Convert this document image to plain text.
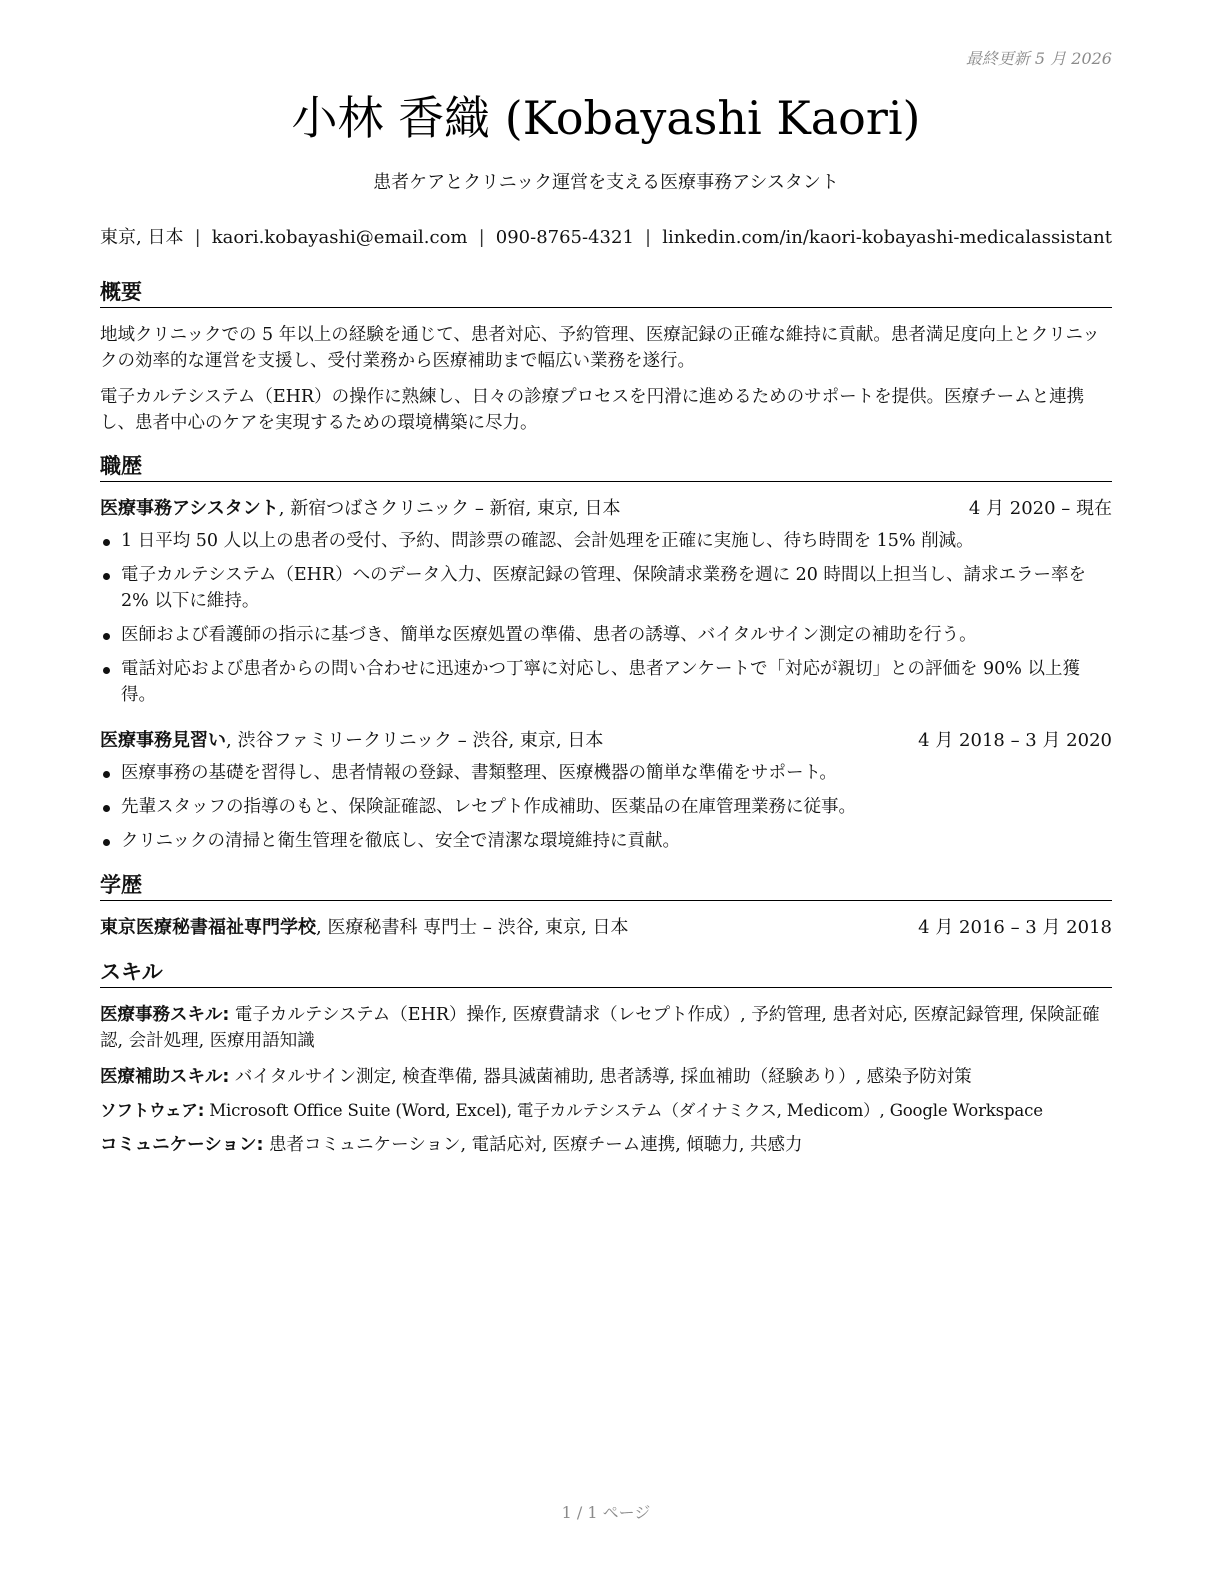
最終更新 5 月 2026
小林 香織 (Kobayashi Kaori)
患者ケアとクリニック運営を支える医療事務アシスタント
東京, 日本 | kaori.kobayashi@email.com | 090-8765-4321 | linkedin.com/in/kaori-kobayashi-medicalassistant
概要
地域クリニックでの 5 年以上の経験を通じて、患者対応、予約管理、医療記録の正確な維持に貢献。患者満足度向上とクリニックの効率的な運営を支援し、受付業務から医療補助まで幅広い業務を遂行。
電子カルテシステム（EHR）の操作に熟練し、日々の診療プロセスを円滑に進めるためのサポートを提供。医療チームと連携し、患者中心のケアを実現するための環境構築に尽力。
職歴
医療事務アシスタント, 新宿つばさクリニック – 新宿, 東京, 日本	4 月 2020 – 現在
1 日平均 50 人以上の患者の受付、予約、問診票の確認、会計処理を正確に実施し、待ち時間を 15% 削減。
電子カルテシステム（EHR）へのデータ入力、医療記録の管理、保険請求業務を週に 20 時間以上担当し、請求エラー率を 2% 以下に維持。
医師および看護師の指示に基づき、簡単な医療処置の準備、患者の誘導、バイタルサイン測定の補助を行う。
電話対応および患者からの問い合わせに迅速かつ丁寧に対応し、患者アンケートで「対応が親切」との評価を 90% 以上獲得。
医療事務見習い, 渋谷ファミリークリニック – 渋谷, 東京, 日本	4 月 2018 – 3 月 2020
医療事務の基礎を習得し、患者情報の登録、書類整理、医療機器の簡単な準備をサポート。
先輩スタッフの指導のもと、保険証確認、レセプト作成補助、医薬品の在庫管理業務に従事。
クリニックの清掃と衛生管理を徹底し、安全で清潔な環境維持に貢献。
学歴
東京医療秘書福祉専門学校, 医療秘書科 専門士 – 渋谷, 東京, 日本	4 月 2016 – 3 月 2018
スキル
医療事務スキル: 電子カルテシステム（EHR）操作, 医療費請求（レセプト作成）, 予約管理, 患者対応, 医療記録管理, 保険証確認, 会計処理, 医療用語知識
医療補助スキル: バイタルサイン測定, 検査準備, 器具滅菌補助, 患者誘導, 採血補助（経験あり）, 感染予防対策
ソフトウェア: Microsoft Office Suite (Word, Excel), 電子カルテシステム（ダイナミクス, Medicom）, Google Workspace
コミュニケーション: 患者コミュニケーション, 電話応対, 医療チーム連携, 傾聴力, 共感力
1 / 1 ページ
